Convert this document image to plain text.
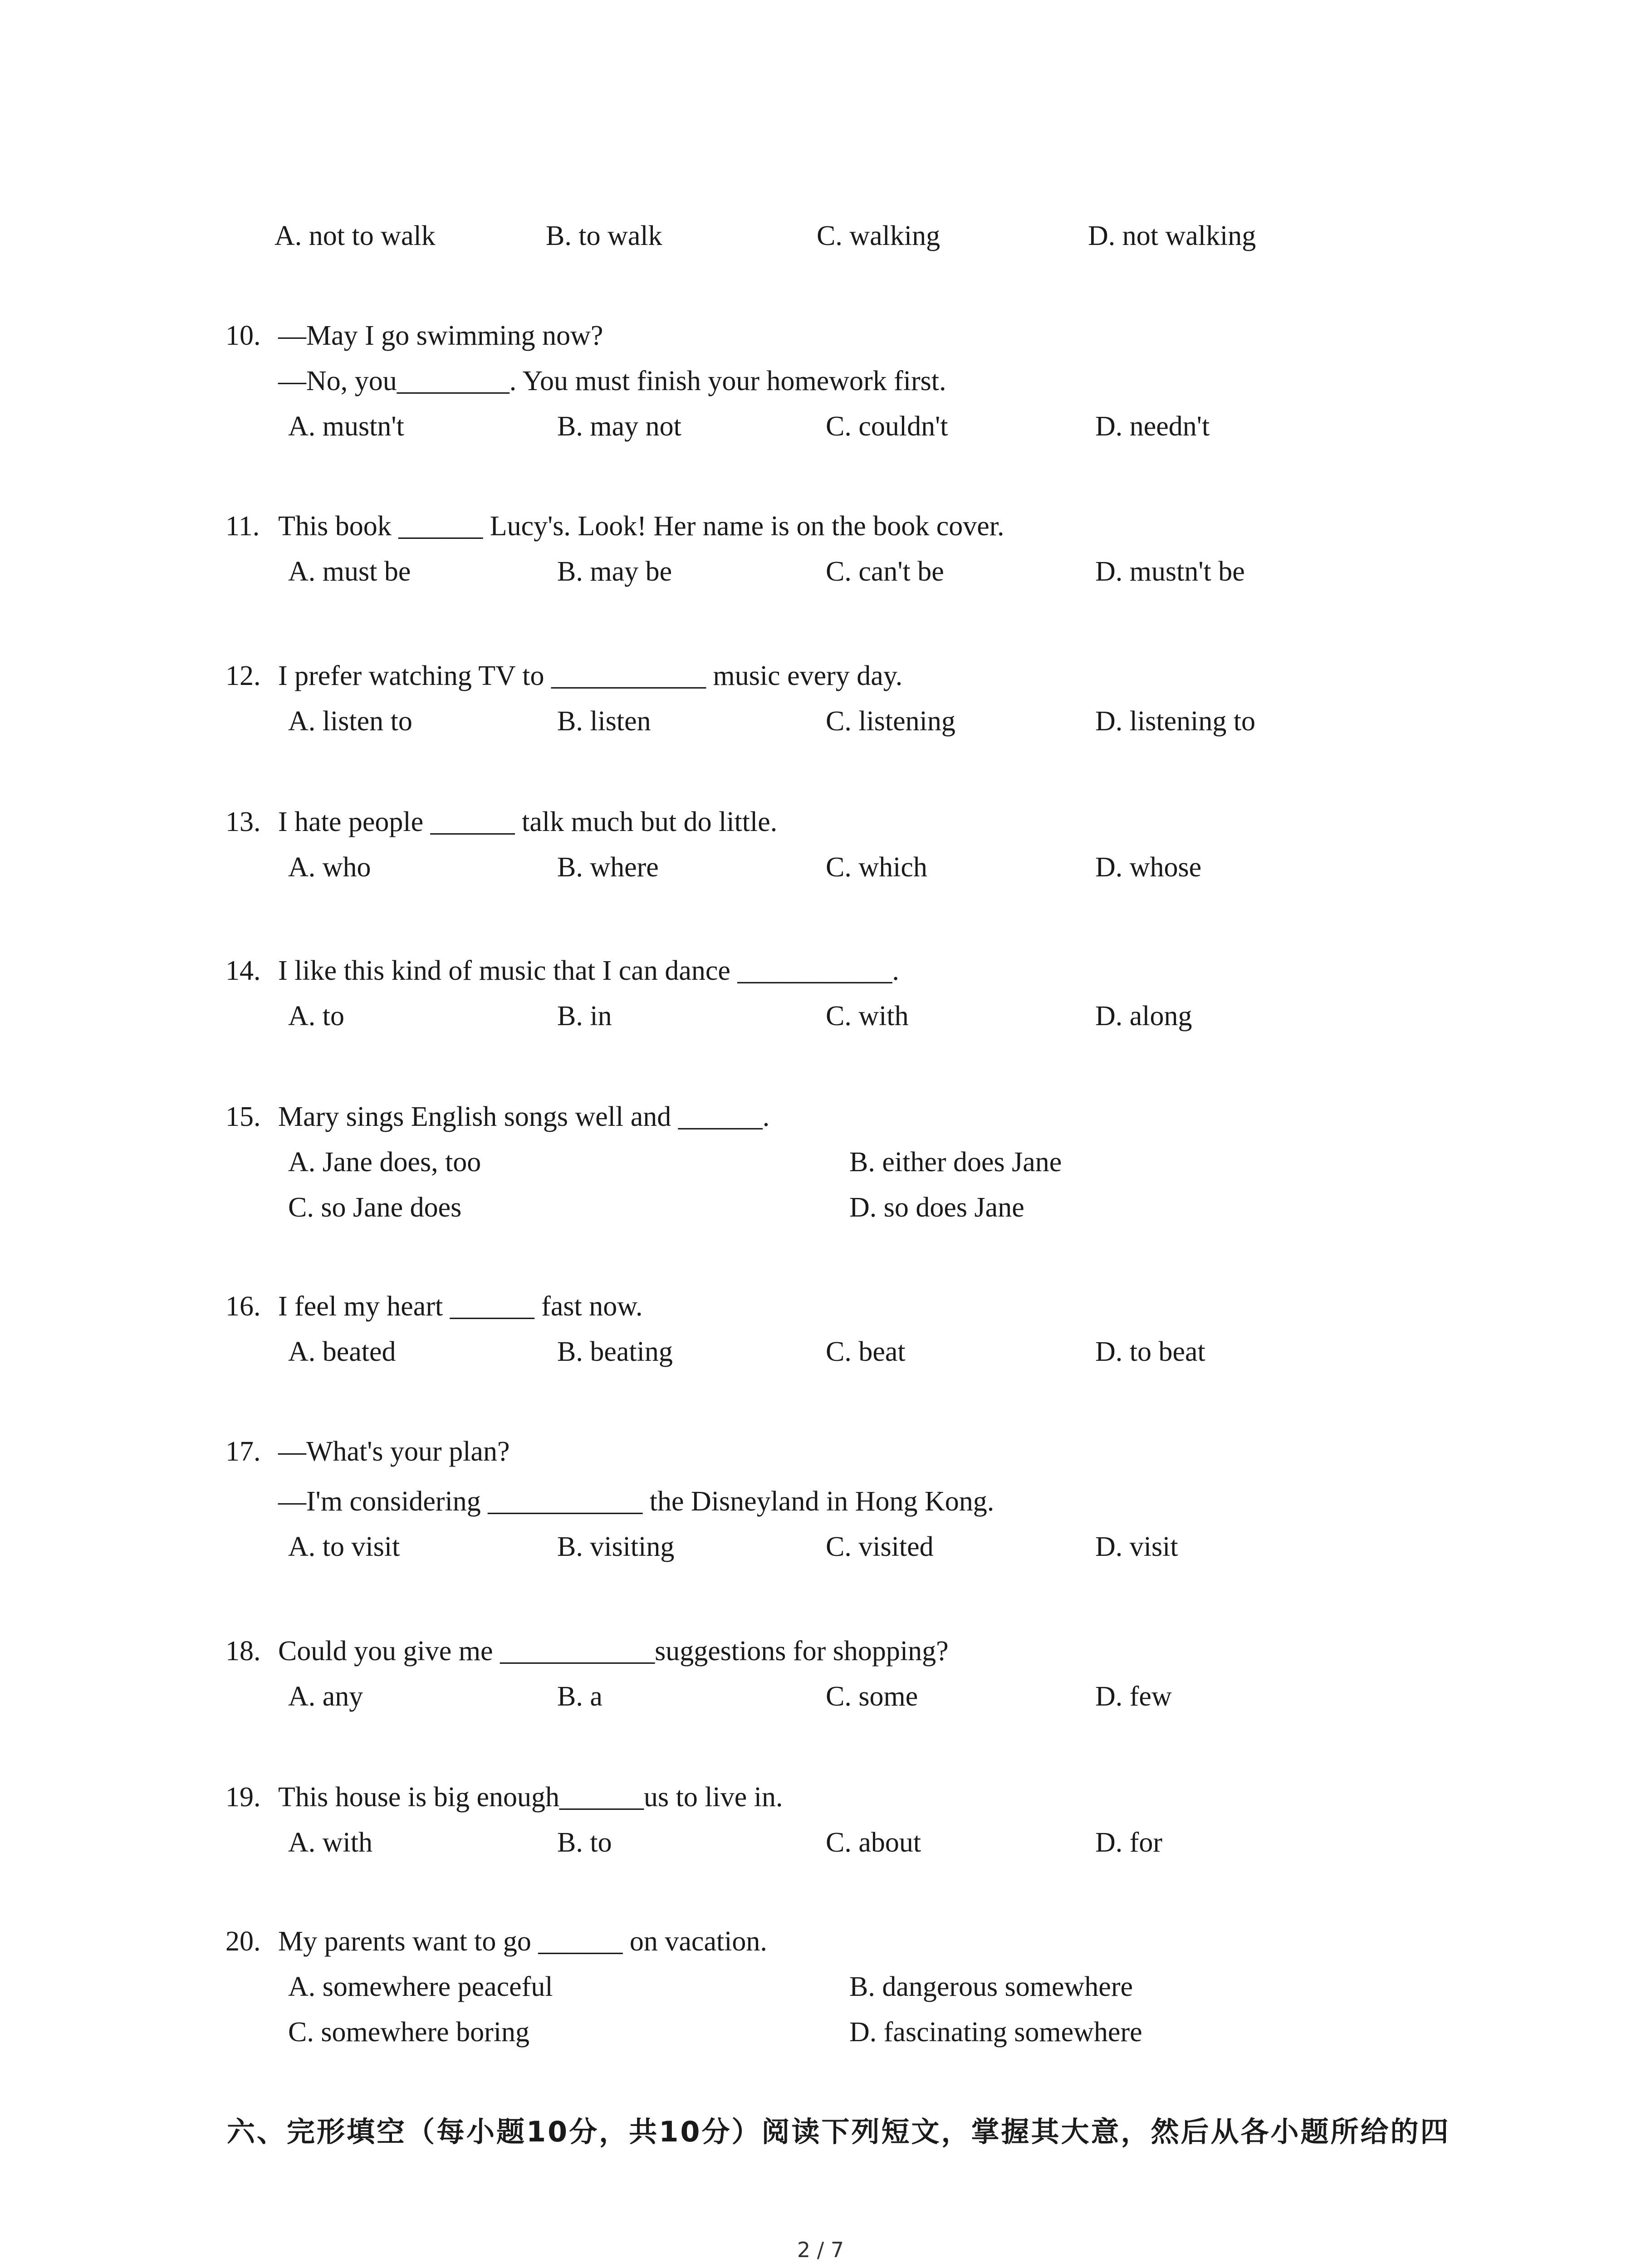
A. not to walk	B. to walk	C. walking	D. not walking
10. —May I go swimming now?
—No, you________. You must finish your homework first.
A. mustn't	B. may not	C. couldn't	D. needn't
11. This book ______ Lucy's. Look! Her name is on the book cover.
A. must be	B. may be	C. can't be	D. mustn't be
12. I prefer watching TV to ___________ music every day.
A. listen to	B. listen	C. listening	D. listening to
13. I hate people ______ talk much but do little.
A. who	B. where	C. which	D. whose
14. I like this kind of music that I can dance ___________.
A. to	B. in	C. with	D. along
15. Mary sings English songs well and ______.
A. Jane does, too	B. either does Jane
C. so Jane does	D. so does Jane
16. I feel my heart ______ fast now.
A. beated	B. beating	C. beat	D. to beat
17. —What's your plan?
—I'm considering ___________ the Disneyland in Hong Kong.
A. to visit	B. visiting	C. visited	D. visit
18. Could you give me ___________suggestions for shopping?
A. any	B. a	C. some	D. few
19. This house is big enough______us to live in.
A. with	B. to	C. about	D. for
20. My parents want to go ______ on vacation.
A. somewhere peaceful	B. dangerous somewhere
C. somewhere boring	D. fascinating somewhere
六、完形填空（每小题10分，共10分）阅读下列短文，掌握其大意，然后从各小题所给的四
2 / 7
